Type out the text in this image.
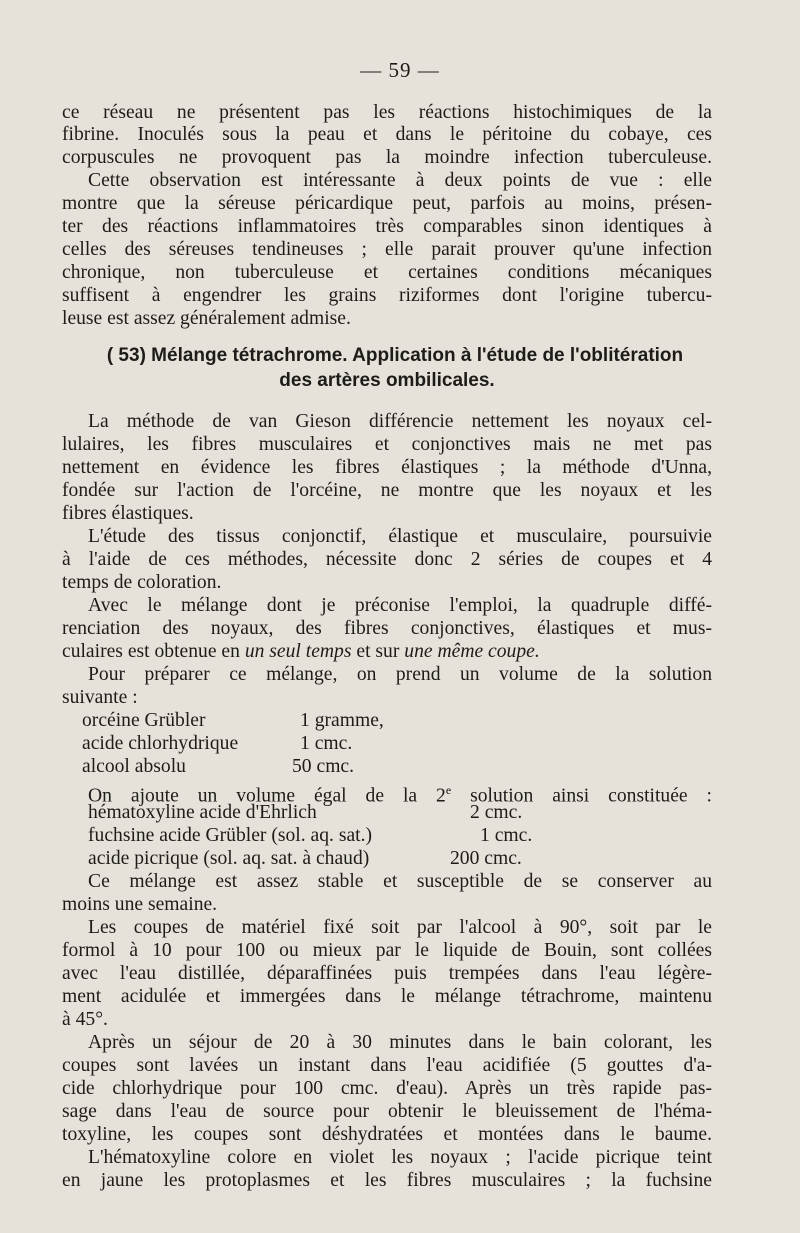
— 59 —
ce réseau ne présentent pas les réactions histochimiques de la
fibrine. Inoculés sous la peau et dans le péritoine du cobaye, ces
corpuscules ne provoquent pas la moindre infection tuberculeuse.
Cette observation est intéressante à deux points de vue : elle
montre que la séreuse péricardique peut, parfois au moins, présen-
ter des réactions inflammatoires très comparables sinon identiques à
celles des séreuses tendineuses ; elle parait prouver qu'une infection
chronique, non tuberculeuse et certaines conditions mécaniques
suffisent à engendrer les grains riziformes dont l'origine tubercu-
leuse est assez généralement admise.
( 53) Mélange tétrachrome. Application à l'étude de l'oblitération
des artères ombilicales.
La méthode de van Gieson différencie nettement les noyaux cel-
lulaires, les fibres musculaires et conjonctives mais ne met pas
nettement en évidence les fibres élastiques ; la méthode d'Unna,
fondée sur l'action de l'orcéine, ne montre que les noyaux et les
fibres élastiques.
L'étude des tissus conjonctif, élastique et musculaire, poursuivie
à l'aide de ces méthodes, nécessite donc 2 séries de coupes et 4
temps de coloration.
Avec le mélange dont je préconise l'emploi, la quadruple diffé-
renciation des noyaux, des fibres conjonctives, élastiques et mus-
culaires est obtenue en un seul temps et sur une même coupe.
Pour préparer ce mélange, on prend un volume de la solution
suivante :
orcéine Grübler	1 gramme,
acide chlorhydrique	1 cmc.
alcool absolu	50 cmc.
On ajoute un volume égal de la 2e solution ainsi constituée :
hématoxyline acide d'Ehrlich	2 cmc.
fuchsine acide Grübler (sol. aq. sat.)	1 cmc.
acide picrique (sol. aq. sat. à chaud)	200 cmc.
Ce mélange est assez stable et susceptible de se conserver au
moins une semaine.
Les coupes de matériel fixé soit par l'alcool à 90°, soit par le
formol à 10 pour 100 ou mieux par le liquide de Bouin, sont collées
avec l'eau distillée, déparaffinées puis trempées dans l'eau légère-
ment acidulée et immergées dans le mélange tétrachrome, maintenu
à 45°.
Après un séjour de 20 à 30 minutes dans le bain colorant, les
coupes sont lavées un instant dans l'eau acidifiée (5 gouttes d'a-
cide chlorhydrique pour 100 cmc. d'eau). Après un très rapide pas-
sage dans l'eau de source pour obtenir le bleuissement de l'héma-
toxyline, les coupes sont déshydratées et montées dans le baume.
L'hématoxyline colore en violet les noyaux ; l'acide picrique teint
en jaune les protoplasmes et les fibres musculaires ; la fuchsine
